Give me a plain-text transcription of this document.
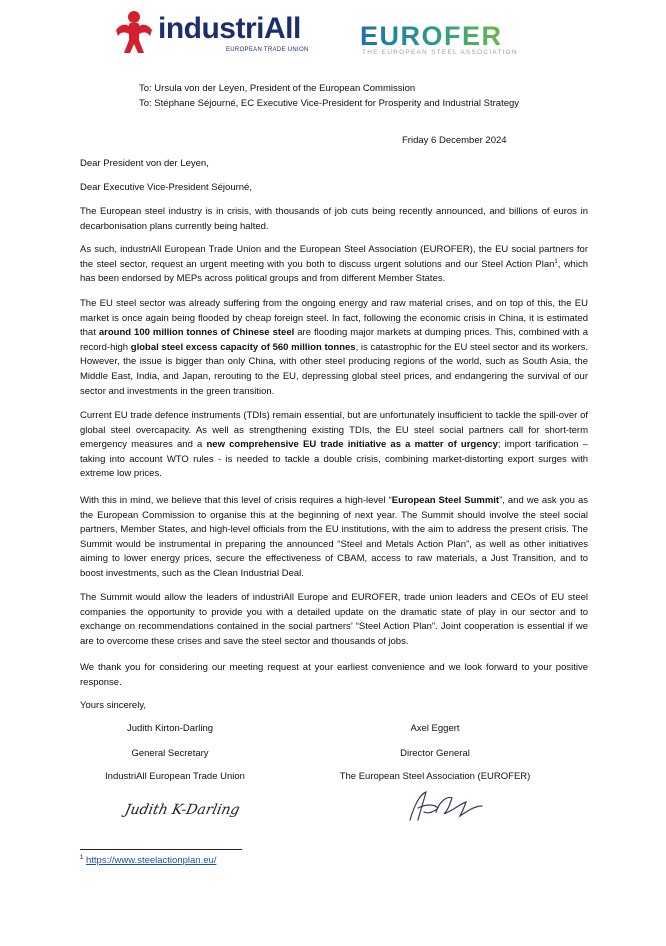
industriAll
EUROPEAN TRADE UNION EUROFER
THE EUROPEAN STEEL ASSOCIATION
To: Ursula von der Leyen, President of the European Commission
To: Stéphane Séjourné, EC Executive Vice-President for Prosperity and Industrial Strategy
Friday 6 December 2024
Dear President von der Leyen,
Dear Executive Vice-President Séjourné,
The European steel industry is in crisis, with thousands of job cuts being recently announced, and billions of euros in decarbonisation plans currently being halted.
As such, industriAll European Trade Union and the European Steel Association (EUROFER), the EU social partners for the steel sector, request an urgent meeting with you both to discuss urgent solutions and our Steel Action Plan$^1$, which has been endorsed by MEPs across political groups and from different Member States.
The EU steel sector was already suffering from the ongoing energy and raw material crises, and on top of this, the EU market is once again being flooded by cheap foreign steel. In fact, following the economic crisis in China, it is estimated that around 100 million tonnes of Chinese steel are flooding major markets at dumping prices. This, combined with a record-high global steel excess capacity of 560 million tonnes, is catastrophic for the EU steel sector and its workers. However, the issue is bigger than only China, with other steel producing regions of the world, such as South Asia, the Middle East, India, and Japan, rerouting to the EU, depressing global steel prices, and endangering the survival of our sector and investments in the green transition.
Current EU trade defence instruments (TDIs) remain essential, but are unfortunately insufficient to tackle the spill-over of global steel overcapacity. As well as strengthening existing TDIs, the EU steel social partners call for short-term emergency measures and a new comprehensive EU trade initiative as a matter of urgency; import tarification – taking into account WTO rules - is needed to tackle a double crisis, combining market-distorting export surges with extreme low prices.
With this in mind, we believe that this level of crisis requires a high-level “European Steel Summit”, and we ask you as the European Commission to organise this at the beginning of next year. The Summit should involve the steel social partners, Member States, and high-level officials from the EU institutions, with the aim to address the present crisis. The Summit would be instrumental in preparing the announced “Steel and Metals Action Plan”, as well as other initiatives aiming to lower energy prices, secure the effectiveness of CBAM, access to raw materials, a Just Transition, and to boost investments, such as the Clean Industrial Deal.
The Summit would allow the leaders of industriAll Europe and EUROFER, trade union leaders and CEOs of EU steel companies the opportunity to provide you with a detailed update on the dramatic state of play in our sector and to exchange on recommendations contained in the social partners’ “Steel Action Plan”. Joint cooperation is essential if we are to overcome these crises and save the steel sector and thousands of jobs.
We thank you for considering our meeting request at your earliest convenience and we look forward to your positive response.
Yours sincerely,
Judith Kirton-Darling
General Secretary
IndustriAll European Trade Union
Judith K-Darling
Axel Eggert
Director General
The European Steel Association (EUROFER)
$^1$ https://www.steelactionplan.eu/
